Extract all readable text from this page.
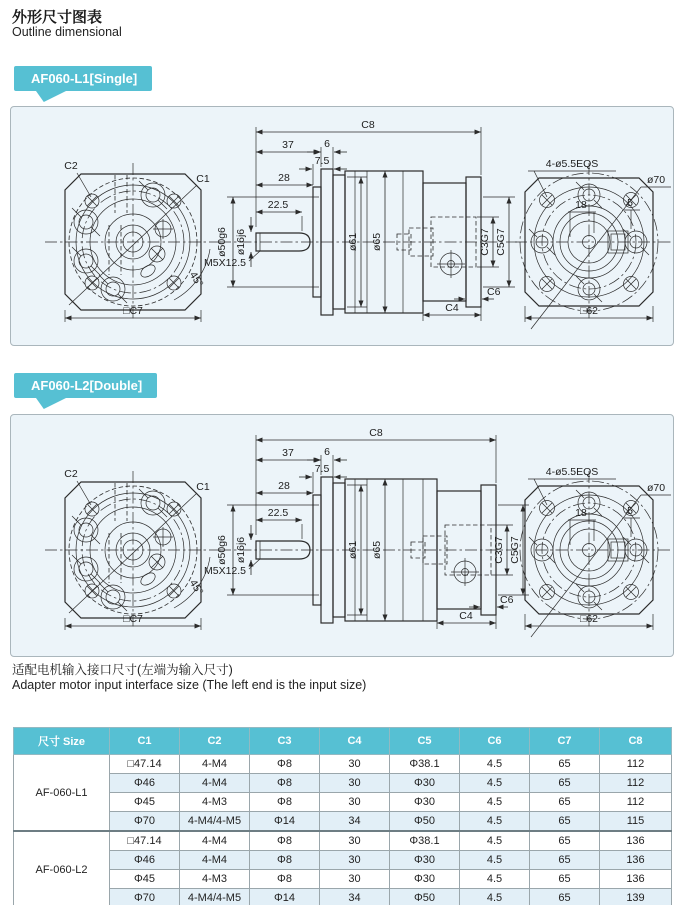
外形尺寸图表
Outline dimensional
AF060-L1[Single]
C2
C1
45°
□C7
C8
37	6
7.5
28
22.5
ø50g6 ø16j6
M5X12.5
ø61 ø65	C3G7 C5G7
C6
C4
18	5
ø70
4-ø5.5EQS
□62
AF060-L2[Double]
C2
C1
45°
□C7
C8
37	6
7.5
28
22.5
ø50g6 ø16j6
M5X12.5
ø61 ø65	C3G7 C5G7
C6
C4
18	5
ø70
4-ø5.5EQS
□62
适配电机输入接口尺寸(左端为输入尺寸)
Adapter motor input interface size (The left end is the input size)
尺寸 Size	C1	C2	C3	C4	C5	C6	C7	C8
AF-060-L1	□47.14	4-M4	Φ8	30	Φ38.1	4.5	65	112
	Φ46	4-M4	Φ8	30	Φ30	4.5	65	112
	Φ45	4-M3	Φ8	30	Φ30	4.5	65	112
	Φ70	4-M4/4-M5	Φ14	34	Φ50	4.5	65	115
AF-060-L2	□47.14	4-M4	Φ8	30	Φ38.1	4.5	65	136
	Φ46	4-M4	Φ8	30	Φ30	4.5	65	136
	Φ45	4-M3	Φ8	30	Φ30	4.5	65	136
	Φ70	4-M4/4-M5	Φ14	34	Φ50	4.5	65	139
